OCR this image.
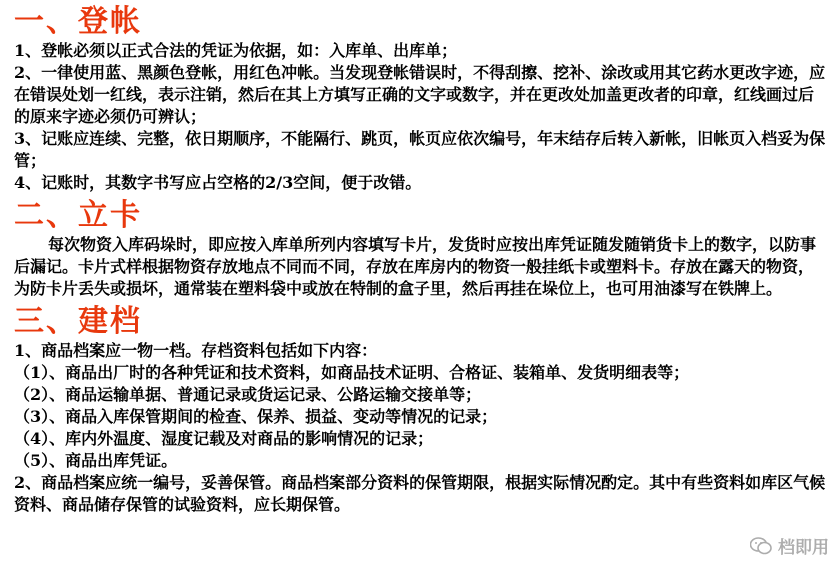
一、登帐

1、登帐必须以正式合法的凭证为依据，如：入库单、出库单；

2、一律使用蓝、黑颜色登帐，用红色冲帐。当发现登帐错误时，不得刮擦、挖补、涂改或用其它药水更改字迹，应在错误处划一红线，表示注销，然后在其上方填写正确的文字或数字，并在更改处加盖更改者的印章，红线画过后的原来字迹必须仍可辨认；

3、记账应连续、完整，依日期顺序，不能隔行、跳页，帐页应依次编号，年末结存后转入新帐，旧帐页入档妥为保管；

4、记账时，其数字书写应占空格的2/3空间，便于改错。

二、立卡

每次物资入库码垛时，即应按入库单所列内容填写卡片，发货时应按出库凭证随发随销货卡上的数字，以防事后漏记。卡片式样根据物资存放地点不同而不同，存放在库房内的物资一般挂纸卡或塑料卡。存放在露天的物资，为防卡片丢失或损坏，通常装在塑料袋中或放在特制的盒子里，然后再挂在垛位上，也可用油漆写在铁牌上。

三、建档

1、商品档案应一物一档。存档资料包括如下内容：

（1）、商品出厂时的各种凭证和技术资料，如商品技术证明、合格证、装箱单、发货明细表等；

（2）、商品运输单据、普通记录或货运记录、公路运输交接单等；

（3）、商品入库保管期间的检查、保养、损益、变动等情况的记录；

（4）、库内外温度、湿度记载及对商品的影响情况的记录；

（5）、商品出库凭证。

2、商品档案应统一编号，妥善保管。商品档案部分资料的保管期限，根据实际情况酌定。其中有些资料如库区气候资料、商品储存保管的试验资料，应长期保管。

档即用
